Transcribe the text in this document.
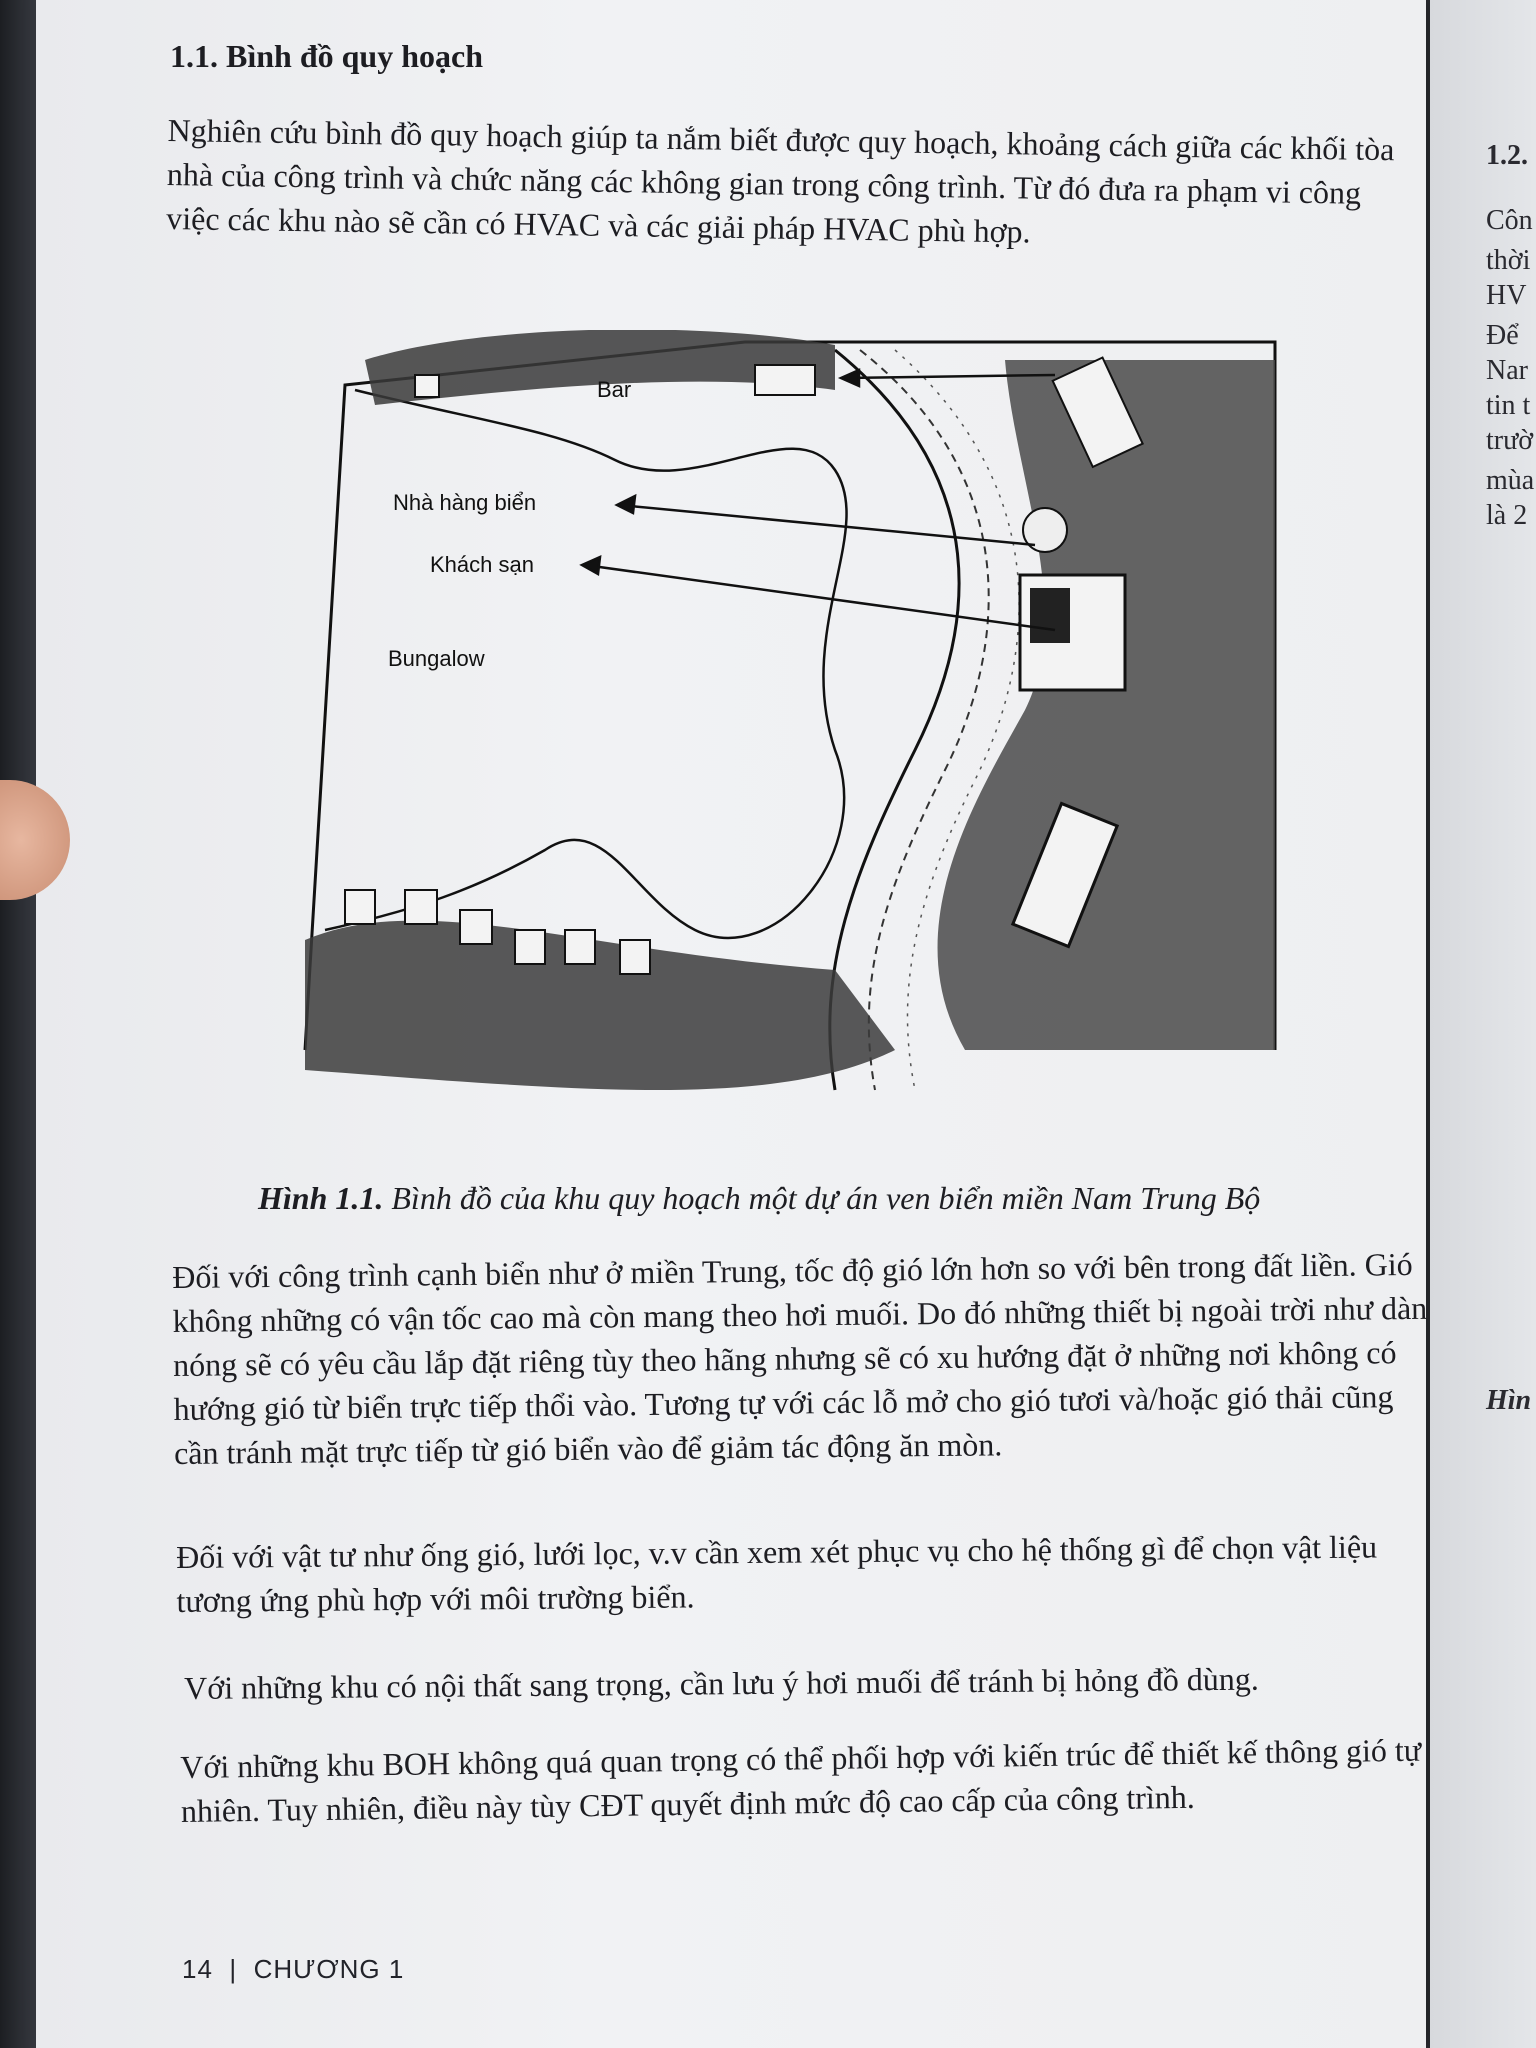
1.2.
Côn
thời
HV
Để
Nar
tin t
trườ
mùa
là 2
Hìn
1.1. Bình đồ quy hoạch
Nghiên cứu bình đồ quy hoạch giúp ta nắm biết được quy hoạch, khoảng cách giữa các khối tòa nhà của công trình và chức năng các không gian trong công trình. Từ đó đưa ra phạm vi công việc các khu nào sẽ cần có HVAC và các giải pháp HVAC phù hợp.
Bar
Nhà hàng biển
Khách sạn
Bungalow
Hình 1.1. Bình đồ của khu quy hoạch một dự án ven biển miền Nam Trung Bộ
Đối với công trình cạnh biển như ở miền Trung, tốc độ gió lớn hơn so với bên trong đất liền. Gió không những có vận tốc cao mà còn mang theo hơi muối. Do đó những thiết bị ngoài trời như dàn nóng sẽ có yêu cầu lắp đặt riêng tùy theo hãng nhưng sẽ có xu hướng đặt ở những nơi không có hướng gió từ biển trực tiếp thổi vào. Tương tự với các lỗ mở cho gió tươi và/hoặc gió thải cũng cần tránh mặt trực tiếp từ gió biển vào để giảm tác động ăn mòn.
Đối với vật tư như ống gió, lưới lọc, v.v cần xem xét phục vụ cho hệ thống gì để chọn vật liệu tương ứng phù hợp với môi trường biển.
Với những khu có nội thất sang trọng, cần lưu ý hơi muối để tránh bị hỏng đồ dùng.
Với những khu BOH không quá quan trọng có thể phối hợp với kiến trúc để thiết kế thông gió tự nhiên. Tuy nhiên, điều này tùy CĐT quyết định mức độ cao cấp của công trình.
14 | CHƯƠNG 1
